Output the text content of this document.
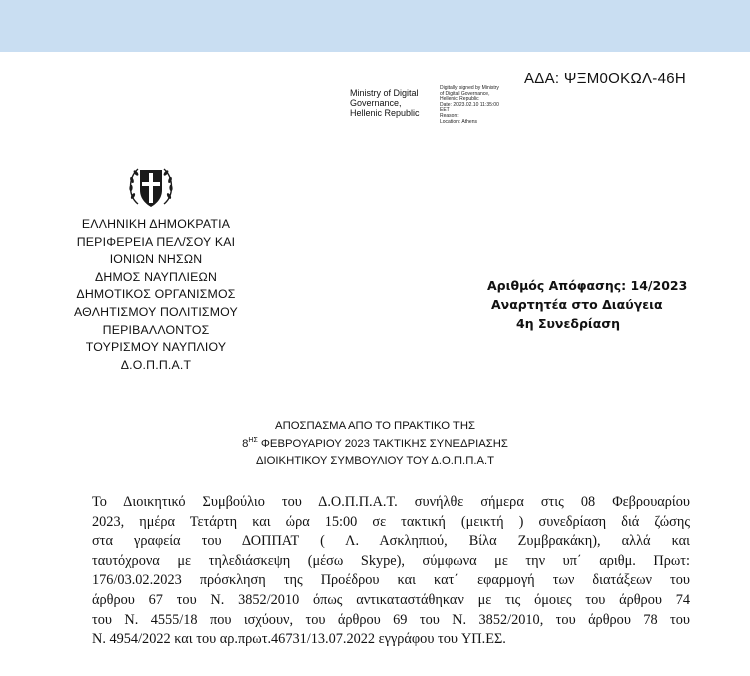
ΑΔΑ: ΨΞΜ0ΟΚΩΛ-46Η
Ministry of Digital
Governance,
Hellenic Republic
Digitally signed by Ministry
of Digital Governance,
Hellenic Republic
Date: 2023.02.10 11:35:00
EET
Reason:
Location: Athens
ΕΛΛΗΝΙΚΗ ΔΗΜΟΚΡΑΤΙΑ
ΠΕΡΙΦΕΡΕΙΑ ΠΕΛ/ΣΟΥ ΚΑΙ
ΙΟΝΙΩΝ ΝΗΣΩΝ
ΔΗΜΟΣ ΝΑΥΠΛΙΕΩΝ
ΔΗΜΟΤΙΚΟΣ ΟΡΓΑΝΙΣΜΟΣ
ΑΘΛΗΤΙΣΜΟΥ ΠΟΛΙΤΙΣΜΟΥ
ΠΕΡΙΒΑΛΛΟΝΤΟΣ
ΤΟΥΡΙΣΜΟΥ ΝΑΥΠΛΙΟΥ
Δ.Ο.Π.Π.Α.Τ
Αριθμός Απόφασης: 14/2023
Αναρτητέα στο Διαύγεια
4η Συνεδρίαση
ΑΠΟΣΠΑΣΜΑ ΑΠΟ ΤΟ ΠΡΑΚΤΙΚΟ ΤΗΣ
$8^{H\Sigma}$ ΦΕΒΡΟΥΑΡΙΟΥ 2023 ΤΑΚΤΙΚΗΣ ΣΥΝΕΔΡΙΑΣΗΣ
ΔΙΟΙΚΗΤΙΚΟΥ ΣΥΜΒΟΥΛΙΟΥ ΤΟΥ Δ.Ο.Π.Π.Α.Τ
Το Διοικητικό Συμβούλιο του Δ.Ο.Π.Π.Α.Τ. συνήλθε σήμερα στις 08 Φεβρουαρίου
2023, ημέρα Τετάρτη και ώρα 15:00 σε τακτική (μεικτή ) συνεδρίαση διά ζώσης
στα γραφεία του ΔΟΠΠΑΤ ( Λ. Ασκληπιού, Βίλα Ζυμβρακάκη), αλλά και
ταυτόχρονα με τηλεδιάσκεψη (μέσω Skype), σύμφωνα με την υπ΄ αριθμ. Πρωτ:
176/03.02.2023 πρόσκληση της Προέδρου και κατ΄ εφαρμογή των διατάξεων του
άρθρου 67 του Ν. 3852/2010 όπως αντικαταστάθηκαν με τις όμοιες του άρθρου 74
του Ν. 4555/18 που ισχύουν, του άρθρου 69 του Ν. 3852/2010, του άρθρου 78 του
Ν. 4954/2022 και του αρ.πρωτ.46731/13.07.2022 εγγράφου του ΥΠ.ΕΣ.
